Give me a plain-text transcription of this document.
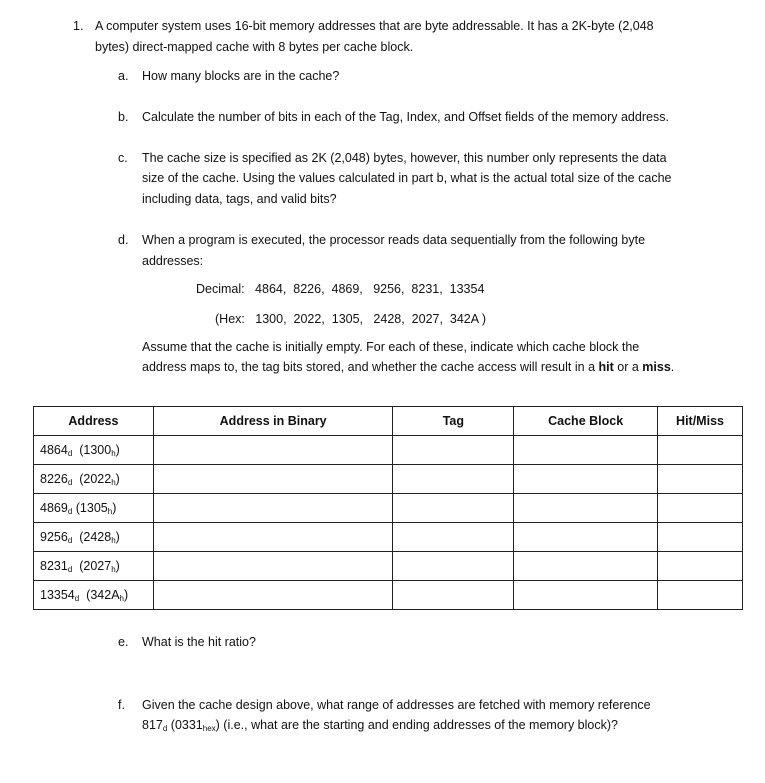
1. A computer system uses 16-bit memory addresses that are byte addressable. It has a 2K-byte (2,048
bytes) direct-mapped cache with 8 bytes per cache block.
a. How many blocks are in the cache?
b. Calculate the number of bits in each of the Tag, Index, and Offset fields of the memory address.
c. The cache size is specified as 2K (2,048) bytes, however, this number only represents the data
size of the cache. Using the values calculated in part b, what is the actual total size of the cache
including data, tags, and valid bits?
d. When a program is executed, the processor reads data sequentially from the following byte
addresses:
Decimal:   4864,  8226,  4869,   9256,  8231,  13354
(Hex:   1300,  2022,  1305,   2428,  2027,  342A )
Assume that the cache is initially empty. For each of these, indicate which cache block the
address maps to, the tag bits stored, and whether the cache access will result in a hit or a miss.
Address	Address in Binary	Tag	Cache Block	Hit/Miss
$4864_d$ $(1300_h)$				
$8226_d$ $(2022_h)$				
$4869_d$ $(1305_h)$				
$9256_d$ $(2428_h)$				
$8231_d$ $(2027_h)$				
$13354_d$ $(342A_h)$				
e. What is the hit ratio?
f. Given the cache design above, what range of addresses are fetched with memory reference
$817_d$ $(0331_{hex})$ (i.e., what are the starting and ending addresses of the memory block)?
